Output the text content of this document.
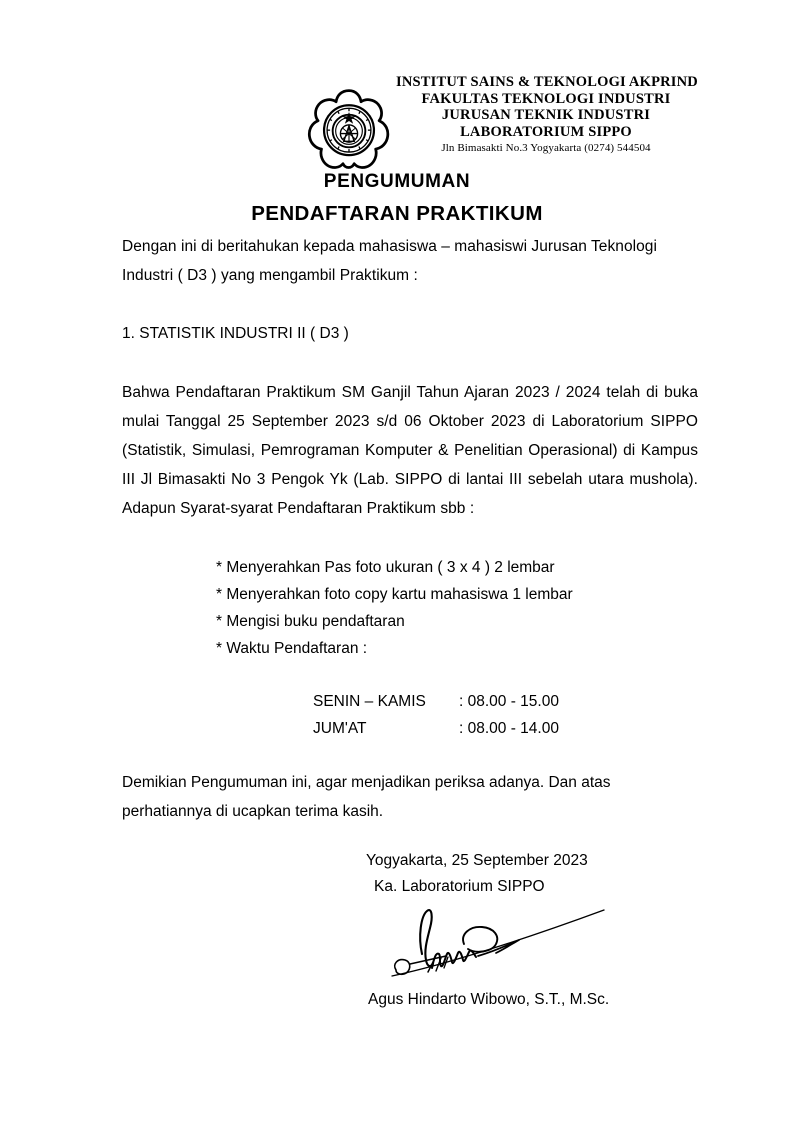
INSTITUT SAINS & TEKNOLOGI AKPRIND
FAKULTAS TEKNOLOGI INDUSTRI
JURUSAN TEKNIK INDUSTRI
LABORATORIUM SIPPO
Jln Bimasakti No.3 Yogyakarta (0274) 544504
PENGUMUMAN
PENDAFTARAN PRAKTIKUM
Dengan ini di beritahukan kepada mahasiswa – mahasiswi Jurusan Teknologi Industri ( D3 ) yang mengambil Praktikum :
1. STATISTIK INDUSTRI II ( D3 )
Bahwa Pendaftaran Praktikum SM Ganjil Tahun Ajaran 2023 / 2024 telah di buka mulai Tanggal 25 September 2023 s/d 06 Oktober 2023 di Laboratorium SIPPO (Statistik, Simulasi, Pemrograman Komputer & Penelitian Operasional) di Kampus III Jl Bimasakti No 3 Pengok Yk (Lab. SIPPO di lantai III sebelah utara mushola). Adapun Syarat-syarat Pendaftaran Praktikum sbb :
* Menyerahkan Pas foto ukuran ( 3 x 4 ) 2 lembar
* Menyerahkan foto copy kartu mahasiswa 1 lembar
* Mengisi buku pendaftaran
* Waktu Pendaftaran :
SENIN – KAMIS	: 08.00 - 15.00
JUM'AT	: 08.00 - 14.00

Demikian Pengumuman ini, agar menjadikan periksa adanya. Dan atas perhatiannya di ucapkan terima kasih.

Yogyakarta, 25 September 2023
Ka. Laboratorium SIPPO
Agus Hindarto Wibowo, S.T., M.Sc.
